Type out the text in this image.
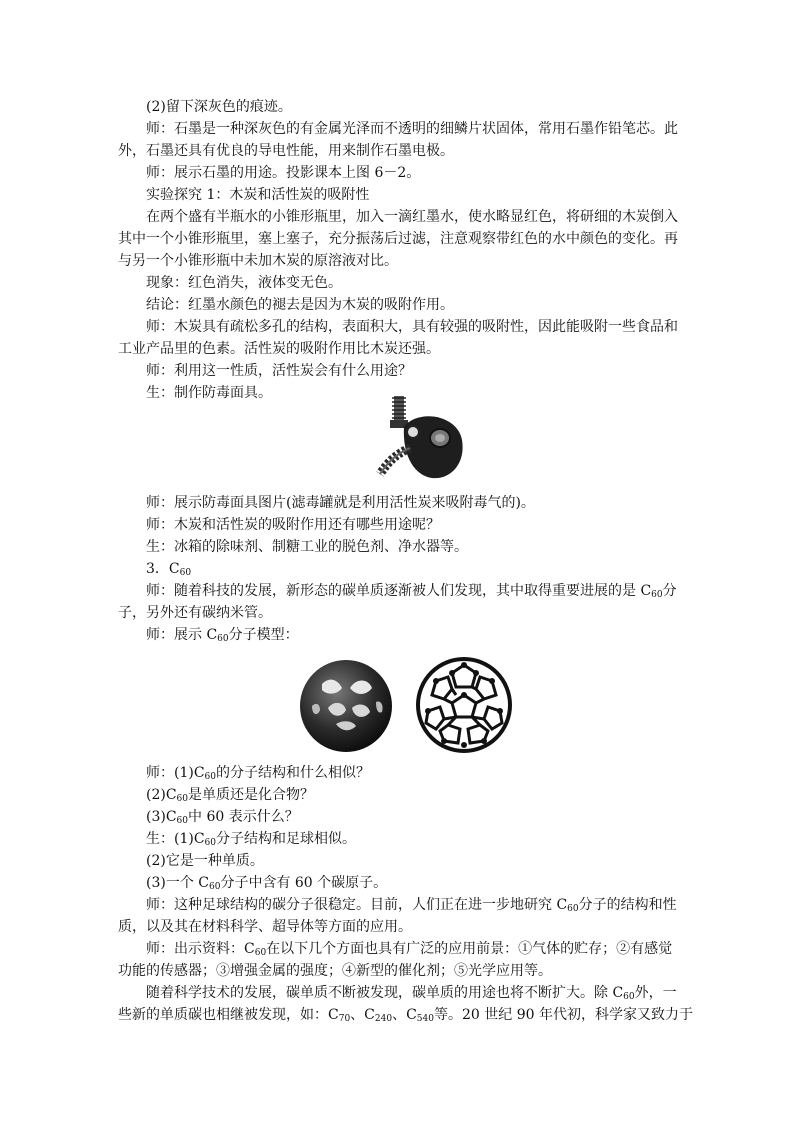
(2)留下深灰色的痕迹。
师：石墨是一种深灰色的有金属光泽而不透明的细鳞片状固体，常用石墨作铅笔芯。此
外，石墨还具有优良的导电性能，用来制作石墨电极。
师：展示石墨的用途。投影课本上图 6－2。
实验探究 1：木炭和活性炭的吸附性
在两个盛有半瓶水的小锥形瓶里，加入一滴红墨水，使水略显红色，将研细的木炭倒入
其中一个小锥形瓶里，塞上塞子，充分振荡后过滤，注意观察带红色的水中颜色的变化。再
与另一个小锥形瓶中未加木炭的原溶液对比。
现象：红色消失，液体变无色。
结论：红墨水颜色的褪去是因为木炭的吸附作用。
师：木炭具有疏松多孔的结构，表面积大，具有较强的吸附性，因此能吸附一些食品和
工业产品里的色素。活性炭的吸附作用比木炭还强。
师：利用这一性质，活性炭会有什么用途？
生：制作防毒面具。
师：展示防毒面具图片(滤毒罐就是利用活性炭来吸附毒气的)。
师：木炭和活性炭的吸附作用还有哪些用途呢？
生：冰箱的除味剂、制糖工业的脱色剂、净水器等。
3．$C_{60}$
师：随着科技的发展，新形态的碳单质逐渐被人们发现，其中取得重要进展的是 $C_{60}$分
子，另外还有碳纳米管。
师：展示 $C_{60}$分子模型：
师：$(1)C_{60}$的分子结构和什么相似？
$(2)C_{60}$是单质还是化合物？
$(3)C_{60}$中 60 表示什么？
生：$(1)C_{60}$分子结构和足球相似。
(2)它是一种单质。
(3)一个 $C_{60}$分子中含有 60 个碳原子。
师：这种足球结构的碳分子很稳定。目前，人们正在进一步地研究 $C_{60}$分子的结构和性
质，以及其在材料科学、超导体等方面的应用。
师：出示资料：$C_{60}$在以下几个方面也具有广泛的应用前景：①气体的贮存；②有感觉
功能的传感器；③增强金属的强度；④新型的催化剂；⑤光学应用等。
随着科学技术的发展，碳单质不断被发现，碳单质的用途也将不断扩大。除 $C_{60}$外，一
些新的单质碳也相继被发现，如：$C_{70}$、$C_{240}$、$C_{540}$等。20 世纪 90 年代初，科学家又致力于
